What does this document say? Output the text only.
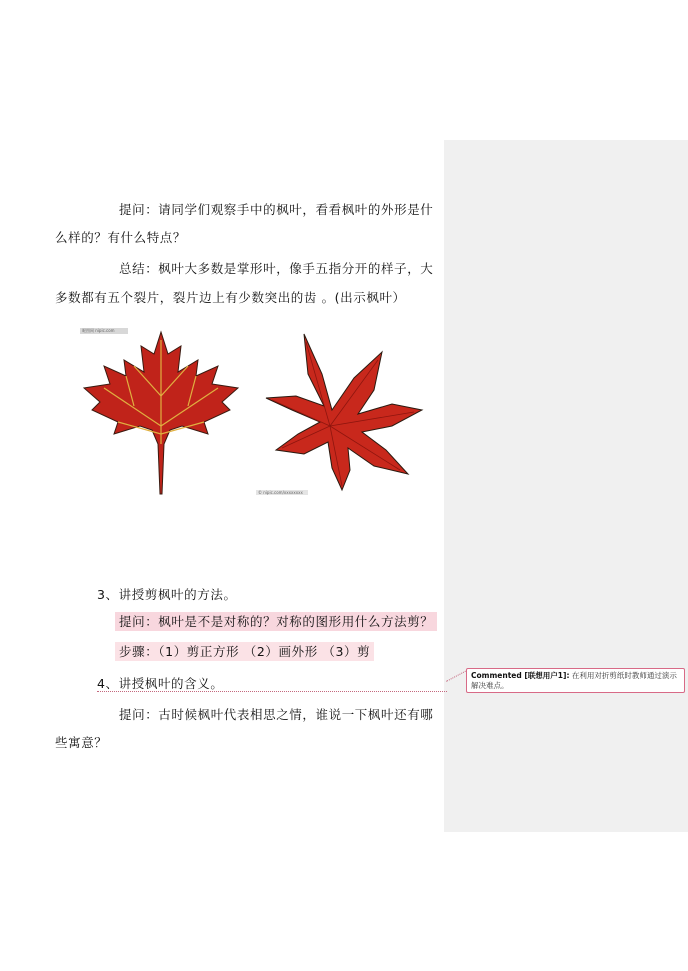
提问：请同学们观察手中的枫叶，看看枫叶的外形是什
么样的？有什么特点？
总结：枫叶大多数是掌形叶，像手五指分开的样子，大
多数都有五个裂片，裂片边上有少数突出的齿 。(出示枫叶）
昵图网 nipic.com
© nipic.com/xxxxxxxx
3、讲授剪枫叶的方法。
提问：枫叶是不是对称的？对称的图形用什么方法剪？
步骤：（1）剪正方形 （2）画外形 （3）剪
4、讲授枫叶的含义。
Commented [联想用户1]: 在利用对折剪纸时教师通过演示解决难点。
提问：古时候枫叶代表相思之情，谁说一下枫叶还有哪
些寓意？
